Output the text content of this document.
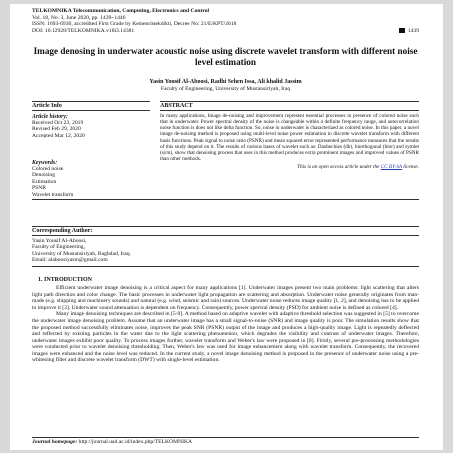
TELKOMNIKA Telecommunication, Computing, Electronics and Control
Vol. 18, No. 3, June 2020, pp. 1439~1446
ISSN: 1693-6930, accredited First Grade by Kemenristekdikti, Decree No: 21/E/KPT/2018
DOI: 10.12928/TELKOMNIKA.v18i3.14381	1439
Image denosing in underwater acoustic noise using discrete wavelet transform with different noise level estimation
Yasin Yousif Al-Aboosi, Radhi Sehen Issa, Ali khalid Jassim
Faculty of Engineering, University of Mustansiriyah, Iraq
Article Info
Article history:
Received Oct 23, 2019
Revised Feb 29, 2020
Accepted Mar 12, 2020
Keywords:
Colored noise
Denoising
Estimation
PSNR
Wavelet transform
ABSTRACT
In many applications, Image de-noising and improvement represent essential processes in presence of colored noise such that in underwater. Power spectral density of the noise is changeable within a definite frequency range, and autocorrelation noise function is does not like delta function. So, noise in underwater is characterized as colored noise. In this paper, a novel image de-noising method is proposed using multi-level noise power estimation in discrete wavelet transform with different basis functions. Peak signal to noise ratio (PSNR) and mean squared error represented performance measures that the results of this study depend on it. The results of various bases of wavelet such as: Daubechies (db), biorthogonal (bior) and symlet (sym), show that denoising process that uses in this method produces extra prominent images and improved values of PSNR than other methods.
This is an open access article under the CC BY-SA license.
Corresponding Author:
Yasin Yousif Al-Aboosi,
Faculty of Engineering,
University of Mustansiriyah, Baghdad, Iraq.
Email: alaboosiyasin@gmail.com
1. INTRODUCTION

Efficient underwater image denoising is a critical aspect for many applications [1]. Underwater images present two main problems: light scattering that alters light path direction and color change. The basic processes in underwater light propagation are scattering and absorption. Underwater noise generally originates from man-made (e.g. shipping and machinery sounds) and natural (e.g. wind, seismic and rain) sources. Underwater noise reduces image quality [1, 2], and denoising has to be applied to improve it [3]. Underwater sound attenuation is dependent on frequency. Consequently, power spectral density (PSD) for ambient noise is defined as colored [4].

Many image denoising techniques are described in [5-9]. A method based on adaptive wavelet with adaptive threshold selection was suggested in [5] to overcome the underwater image denoising problem. Assume that an underwater image has a small signal-to-noise (SNR) and image quality is poor. The simulation results show that the proposed method successfully eliminates noise, improves the peak SNR (PSNR) output of the image and produces a high-quality image. Light is repeatedly deflected and reflected by existing particles in the water due to the light scattering phenomenon, which degrades the visibility and contrast of underwater images. Therefore, underwater images exhibit poor quality. To process images further, wavelet transform and Weber's law were proposed in [8]. Firstly, several pre-processing methodologies were conducted prior to wavelet denoising thresholding. Then, Weber's law was used for image enhancement along with wavelet transform. Consequently, the recovered images were enhanced and the noise level was reduced. In the current study, a novel image denoising method is proposed in the presence of underwater noise using a pre-whitening filter and discrete wavelet transform (DWT) with single-level estimation.

Journal homepage: http://journal.uad.ac.id/index.php/TELKOMNIKA
